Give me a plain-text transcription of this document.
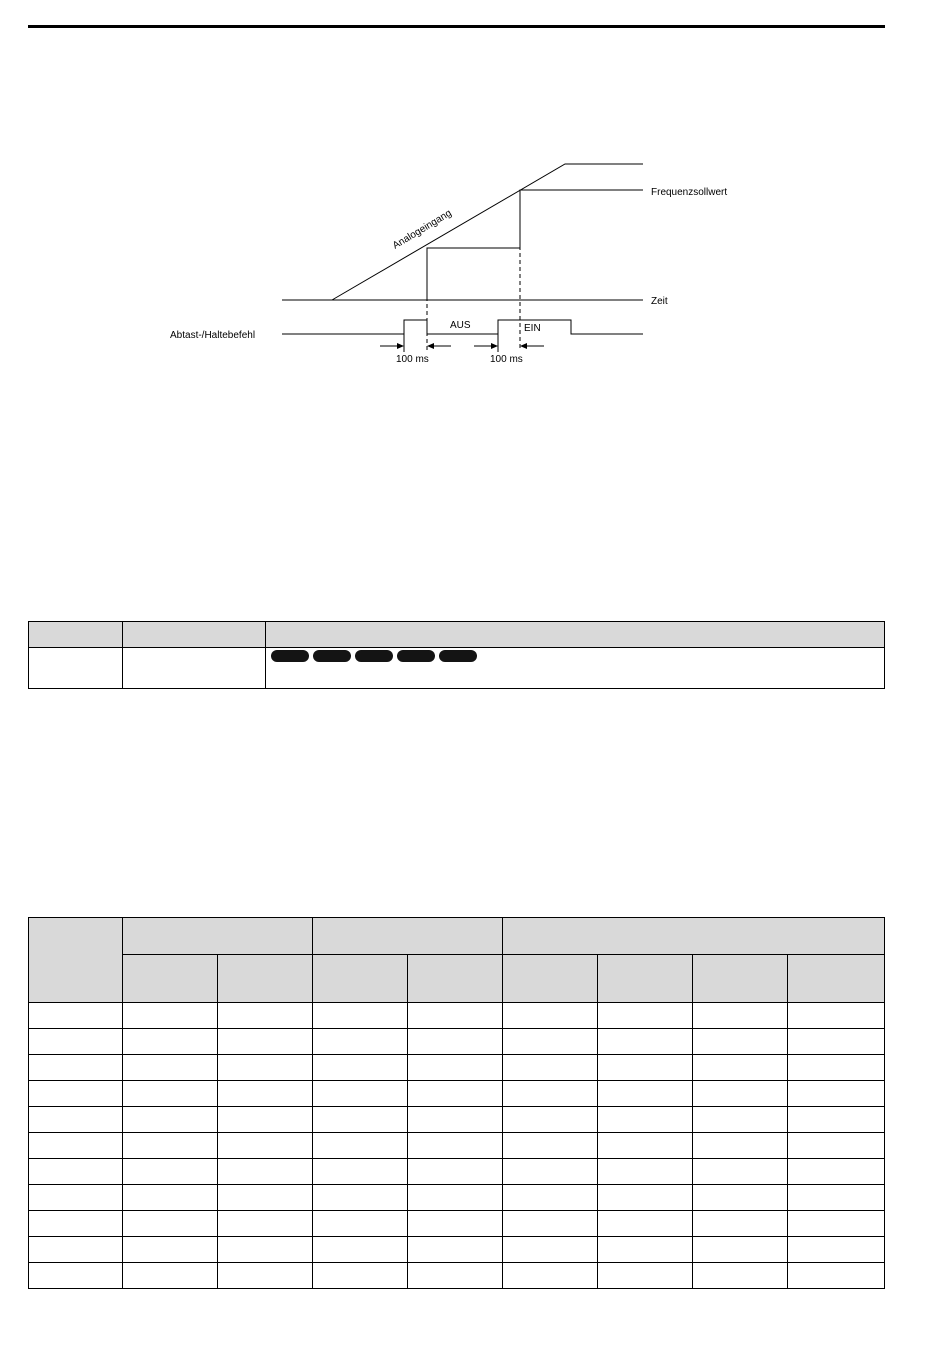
Analogeingang
Frequenzsollwert
Zeit
Abtast-/Haltebefehl
AUS	EIN
100 ms	100 ms
